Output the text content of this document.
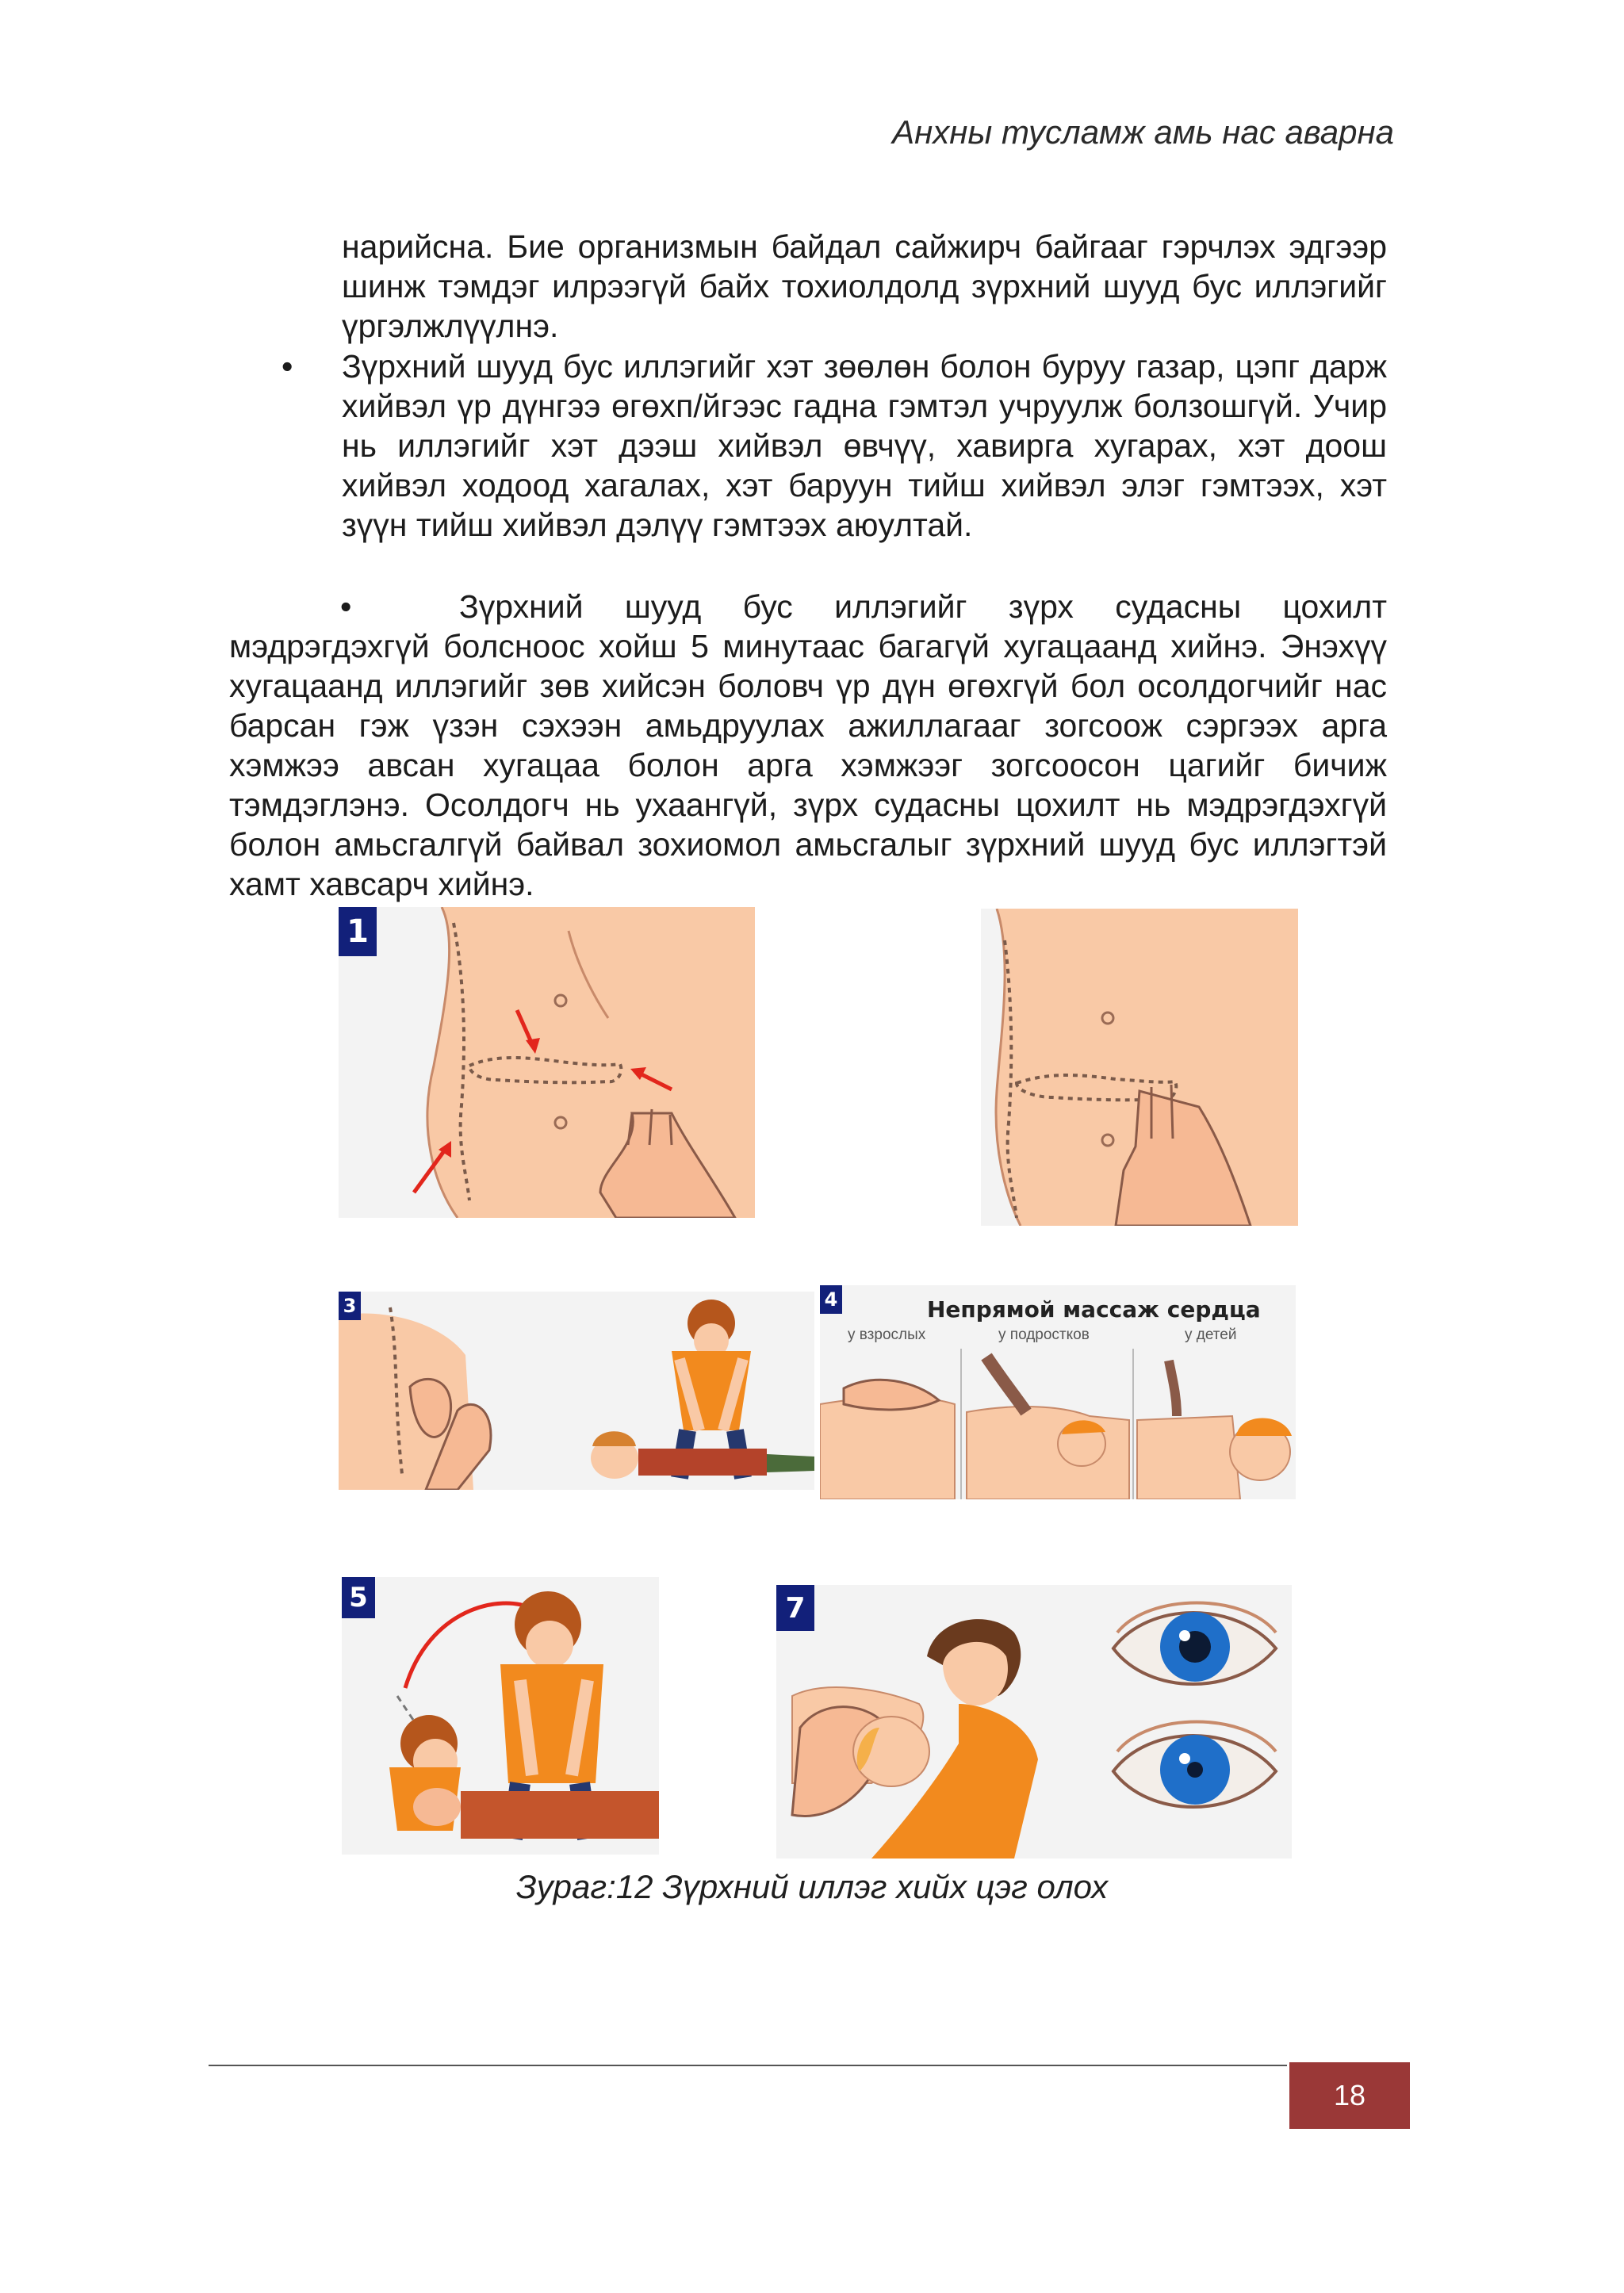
Анхны тусламж амь нас аварна

нарийсна. Бие организмын байдал сайжирч байгааг гэрчлэх эдгээр шинж тэмдэг илрээгүй байх тохиолдолд зүрхний шууд бус иллэгийг үргэлжлүүлнэ.

•	Зүрхний шууд бус иллэгийг хэт зөөлөн болон буруу газар, цэпг дарж хийвэл үр дүнгээ өгөхп/йгээс гадна гэмтэл учруулж болзошгүй. Учир нь иллэгийг хэт дээш хийвэл өвчүү, хавирга хугарах, хэт доош хийвэл ходоод хагалах, хэт баруун тийш хийвэл элэг гэмтээх, хэт зүүн тийш хийвэл дэлүү гэмтээх аюултай.

•	Зүрхний шууд бус иллэгийг зүрх судасны цохилт мэдрэгдэхгүй болсноос хойш 5 минутаас багагүй хугацаанд хийнэ. Энэхүү хугацаанд иллэгийг зөв хийсэн боловч үр дүн өгөхгүй бол осолдогчийг нас барсан гэж үзэн сэхээн амьдруулах ажиллагааг зогсоож сэргээх арга хэмжээ авсан хугацаа болон арга хэмжээг зогсоосон цагийг бичиж тэмдэглэнэ. Осолдогч нь ухаангүй, зүрх судасны цохилт нь мэдрэгдэхгүй болон амьсгалгүй байвал зохиомол амьсгалыг зүрхний шууд бус иллэгтэй хамт хавсарч хийнэ.

1
3	Непрямой массаж сердца
у взрослых	у подростков	у детей
4
5	7

Зураг:12 Зүрхний иллэг хийх цэг олох

18
